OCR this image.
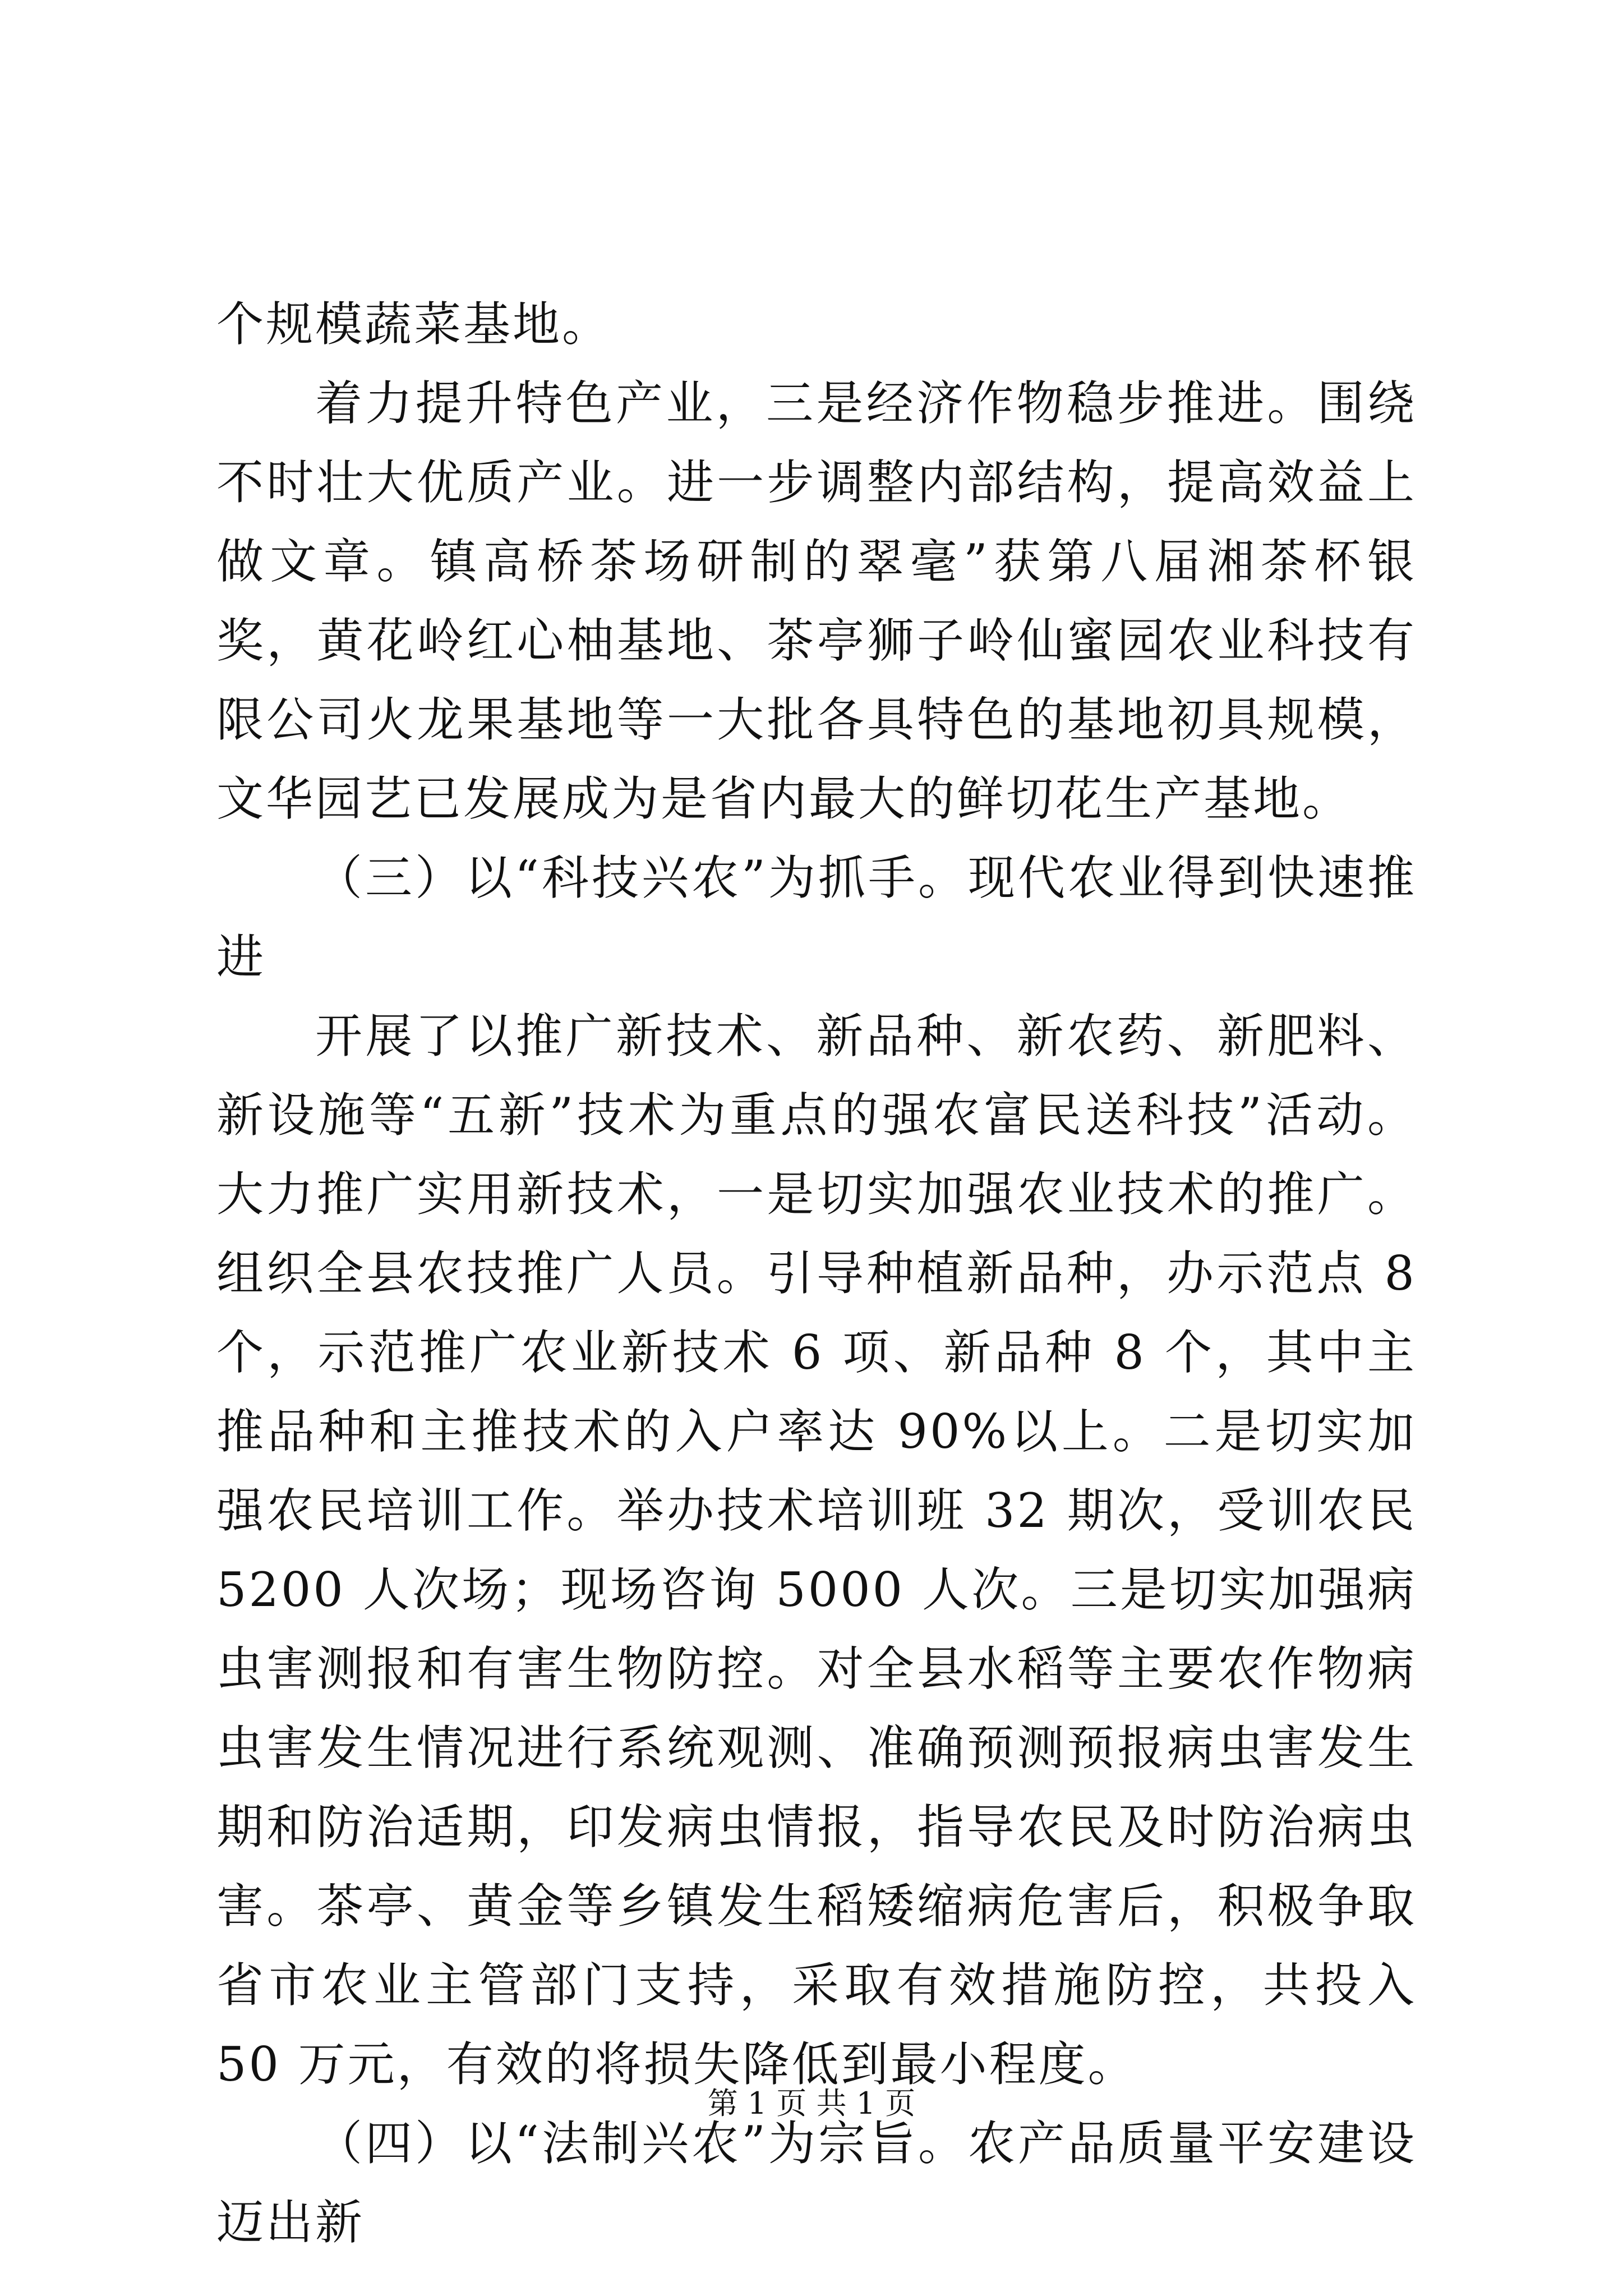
个规模蔬菜基地。

着力提升特色产业，三是经济作物稳步推进。围绕不时壮大优质产业。进一步调整内部结构，提高效益上做文章。镇高桥茶场研制的翠毫”获第八届湘茶杯银奖，黄花岭红心柚基地、茶亭狮子岭仙蜜园农业科技有限公司火龙果基地等一大批各具特色的基地初具规模，文华园艺已发展成为是省内最大的鲜切花生产基地。

（三）以“科技兴农”为抓手。现代农业得到快速推进

开展了以推广新技术、新品种、新农药、新肥料、新设施等“五新”技术为重点的强农富民送科技”活动。大力推广实用新技术，一是切实加强农业技术的推广。组织全县农技推广人员。引导种植新品种，办示范点 8 个，示范推广农业新技术 6 项、新品种 8 个，其中主推品种和主推技术的入户率达 90%以上。二是切实加强农民培训工作。举办技术培训班 32 期次，受训农民 5200 人次场；现场咨询 5000 人次。三是切实加强病虫害测报和有害生物防控。对全县水稻等主要农作物病虫害发生情况进行系统观测、准确预测预报病虫害发生期和防治适期，印发病虫情报，指导农民及时防治病虫害。茶亭、黄金等乡镇发生稻矮缩病危害后，积极争取省市农业主管部门支持，采取有效措施防控，共投入 50 万元，有效的将损失降低到最小程度。

（四）以“法制兴农”为宗旨。农产品质量平安建设迈出新

第 1 页 共 1 页
